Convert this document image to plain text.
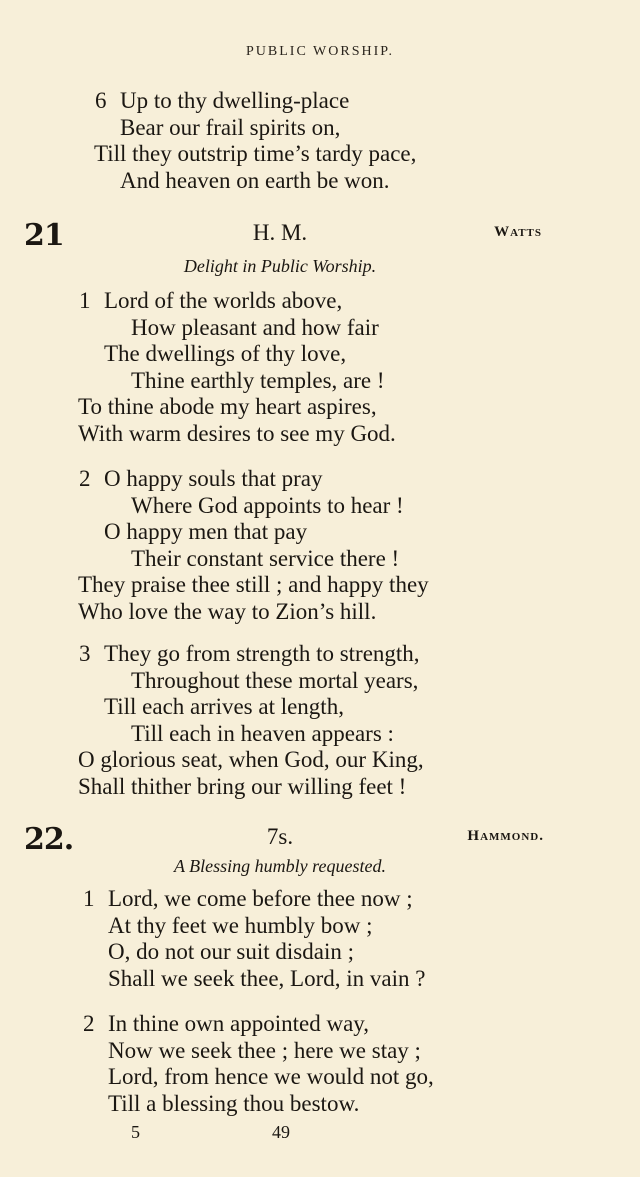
PUBLIC WORSHIP.
6 Up to thy dwelling-place
Bear our frail spirits on,
Till they outstrip time’s tardy pace,
And heaven on earth be won.
21	H. M.	Watts
Delight in Public Worship.
1 Lord of the worlds above,
How pleasant and how fair
The dwellings of thy love,
Thine earthly temples, are !
To thine abode my heart aspires,
With warm desires to see my God.
2 O happy souls that pray
Where God appoints to hear !
O happy men that pay
Their constant service there !
They praise thee still ; and happy they
Who love the way to Zion’s hill.
3 They go from strength to strength,
Throughout these mortal years,
Till each arrives at length,
Till each in heaven appears :
O glorious seat, when God, our King,
Shall thither bring our willing feet !
22.	7s.	Hammond.
A Blessing humbly requested.
1 Lord, we come before thee now ;
At thy feet we humbly bow ;
O, do not our suit disdain ;
Shall we seek thee, Lord, in vain ?
2 In thine own appointed way,
Now we seek thee ; here we stay ;
Lord, from hence we would not go,
Till a blessing thou bestow.
5	49
